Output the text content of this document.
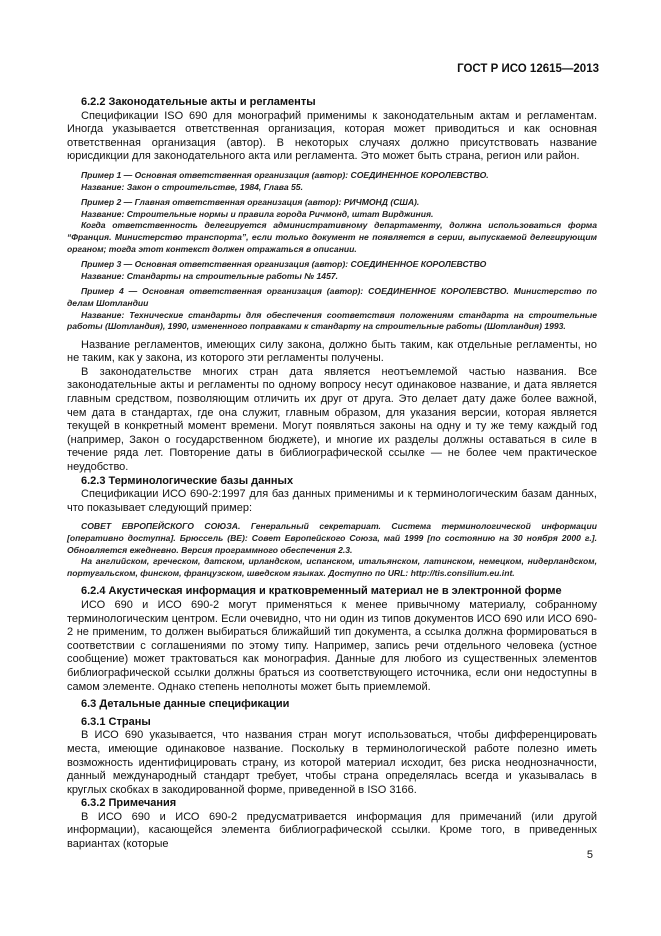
ГОСТ Р ИСО 12615—2013
6.2.2 Законодательные акты и регламенты

Спецификации ISO 690 для монографий применимы к законодательным актам и регламентам. Иногда указывается ответственная организация, которая может приводиться и как основная ответственная организация (автор). В некоторых случаях должно присутствовать название юрисдикции для законодательного акта или регламента. Это может быть страна, регион или район.

Пример 1 — Основная ответственная организация (автор): СОЕДИНЕННОЕ КОРОЛЕВСТВО.

Название: Закон о строительстве, 1984, Глава 55.

Пример 2 — Главная ответственная организация (автор): РИЧМОНД (США).

Название: Строительные нормы и правила города Ричмонд, штат Вирджиния.

Когда ответственность делегируется административному департаменту, должна использоваться форма “Франция. Министерство транспорта”, если только документ не появляется в серии, выпускаемой делегирующим органом; тогда этот контекст должен отражаться в описании.

Пример 3 — Основная ответственная организация (автор): СОЕДИНЕННОЕ КОРОЛЕВСТВО

Название: Стандарты на строительные работы № 1457.

Пример 4 — Основная ответственная организация (автор): СОЕДИНЕННОЕ КОРОЛЕВСТВО. Министерство по делам Шотландии

Название: Технические стандарты для обеспечения соответствия положениям стандарта на строительные работы (Шотландия), 1990, измененного поправками к стандарту на строительные работы (Шотландия) 1993.

Название регламентов, имеющих силу закона, должно быть таким, как отдельные регламенты, но не таким, как у закона, из которого эти регламенты получены.

В законодательстве многих стран дата является неотъемлемой частью названия. Все законодательные акты и регламенты по одному вопросу несут одинаковое название, и дата является главным средством, позволяющим отличить их друг от друга. Это делает дату даже более важной, чем дата в стандартах, где она служит, главным образом, для указания версии, которая является текущей в конкретный момент времени. Могут появляться законы на одну и ту же тему каждый год (например, Закон о государственном бюджете), и многие их разделы должны оставаться в силе в течение ряда лет. Повторение даты в библиографической ссылке — не более чем практическое неудобство.

6.2.3 Терминологические базы данных

Спецификации ИСО 690-2:1997 для баз данных применимы и к терминологическим базам данных, что показывает следующий пример:

СОВЕТ ЕВРОПЕЙСКОГО СОЮЗА. Генеральный секретариат. Система терминологической информации [оперативно доступна]. Брюссель (ВЕ): Совет Европейского Союза, май 1999 [по состоянию на 30 ноября 2000 г.]. Обновляется ежедневно. Версия программного обеспечения 2.3.

На английском, греческом, датском, ирландском, испанском, итальянском, латинском, немецком, нидерландском, португальском, финском, французском, шведском языках. Доступно по URL: http://tis.consilium.eu.int.

6.2.4 Акустическая информация и кратковременный материал не в электронной форме

ИСО 690 и ИСО 690-2 могут применяться к менее привычному материалу, собранному терминологическим центром. Если очевидно, что ни один из типов документов ИСО 690 или ИСО 690-2 не применим, то должен выбираться ближайший тип документа, а ссылка должна формироваться в соответствии с соглашениями по этому типу. Например, запись речи отдельного человека (устное сообщение) может трактоваться как монография. Данные для любого из существенных элементов библиографической ссылки должны браться из соответствующего источника, если они недоступны в самом элементе. Однако степень неполноты может быть приемлемой.

6.3 Детальные данные спецификации
6.3.1 Страны

В ИСО 690 указывается, что названия стран могут использоваться, чтобы дифференцировать места, имеющие одинаковое название. Поскольку в терминологической работе полезно иметь возможность идентифицировать страну, из которой материал исходит, без риска неоднозначности, данный международный стандарт требует, чтобы страна определялась всегда и указывалась в круглых скобках в закодированной форме, приведенной в ISO 3166.

6.3.2 Примечания

В ИСО 690 и ИСО 690-2 предусматривается информация для примечаний (или другой информации), касающейся элемента библиографической ссылки. Кроме того, в приведенных вариантах (которые

5
